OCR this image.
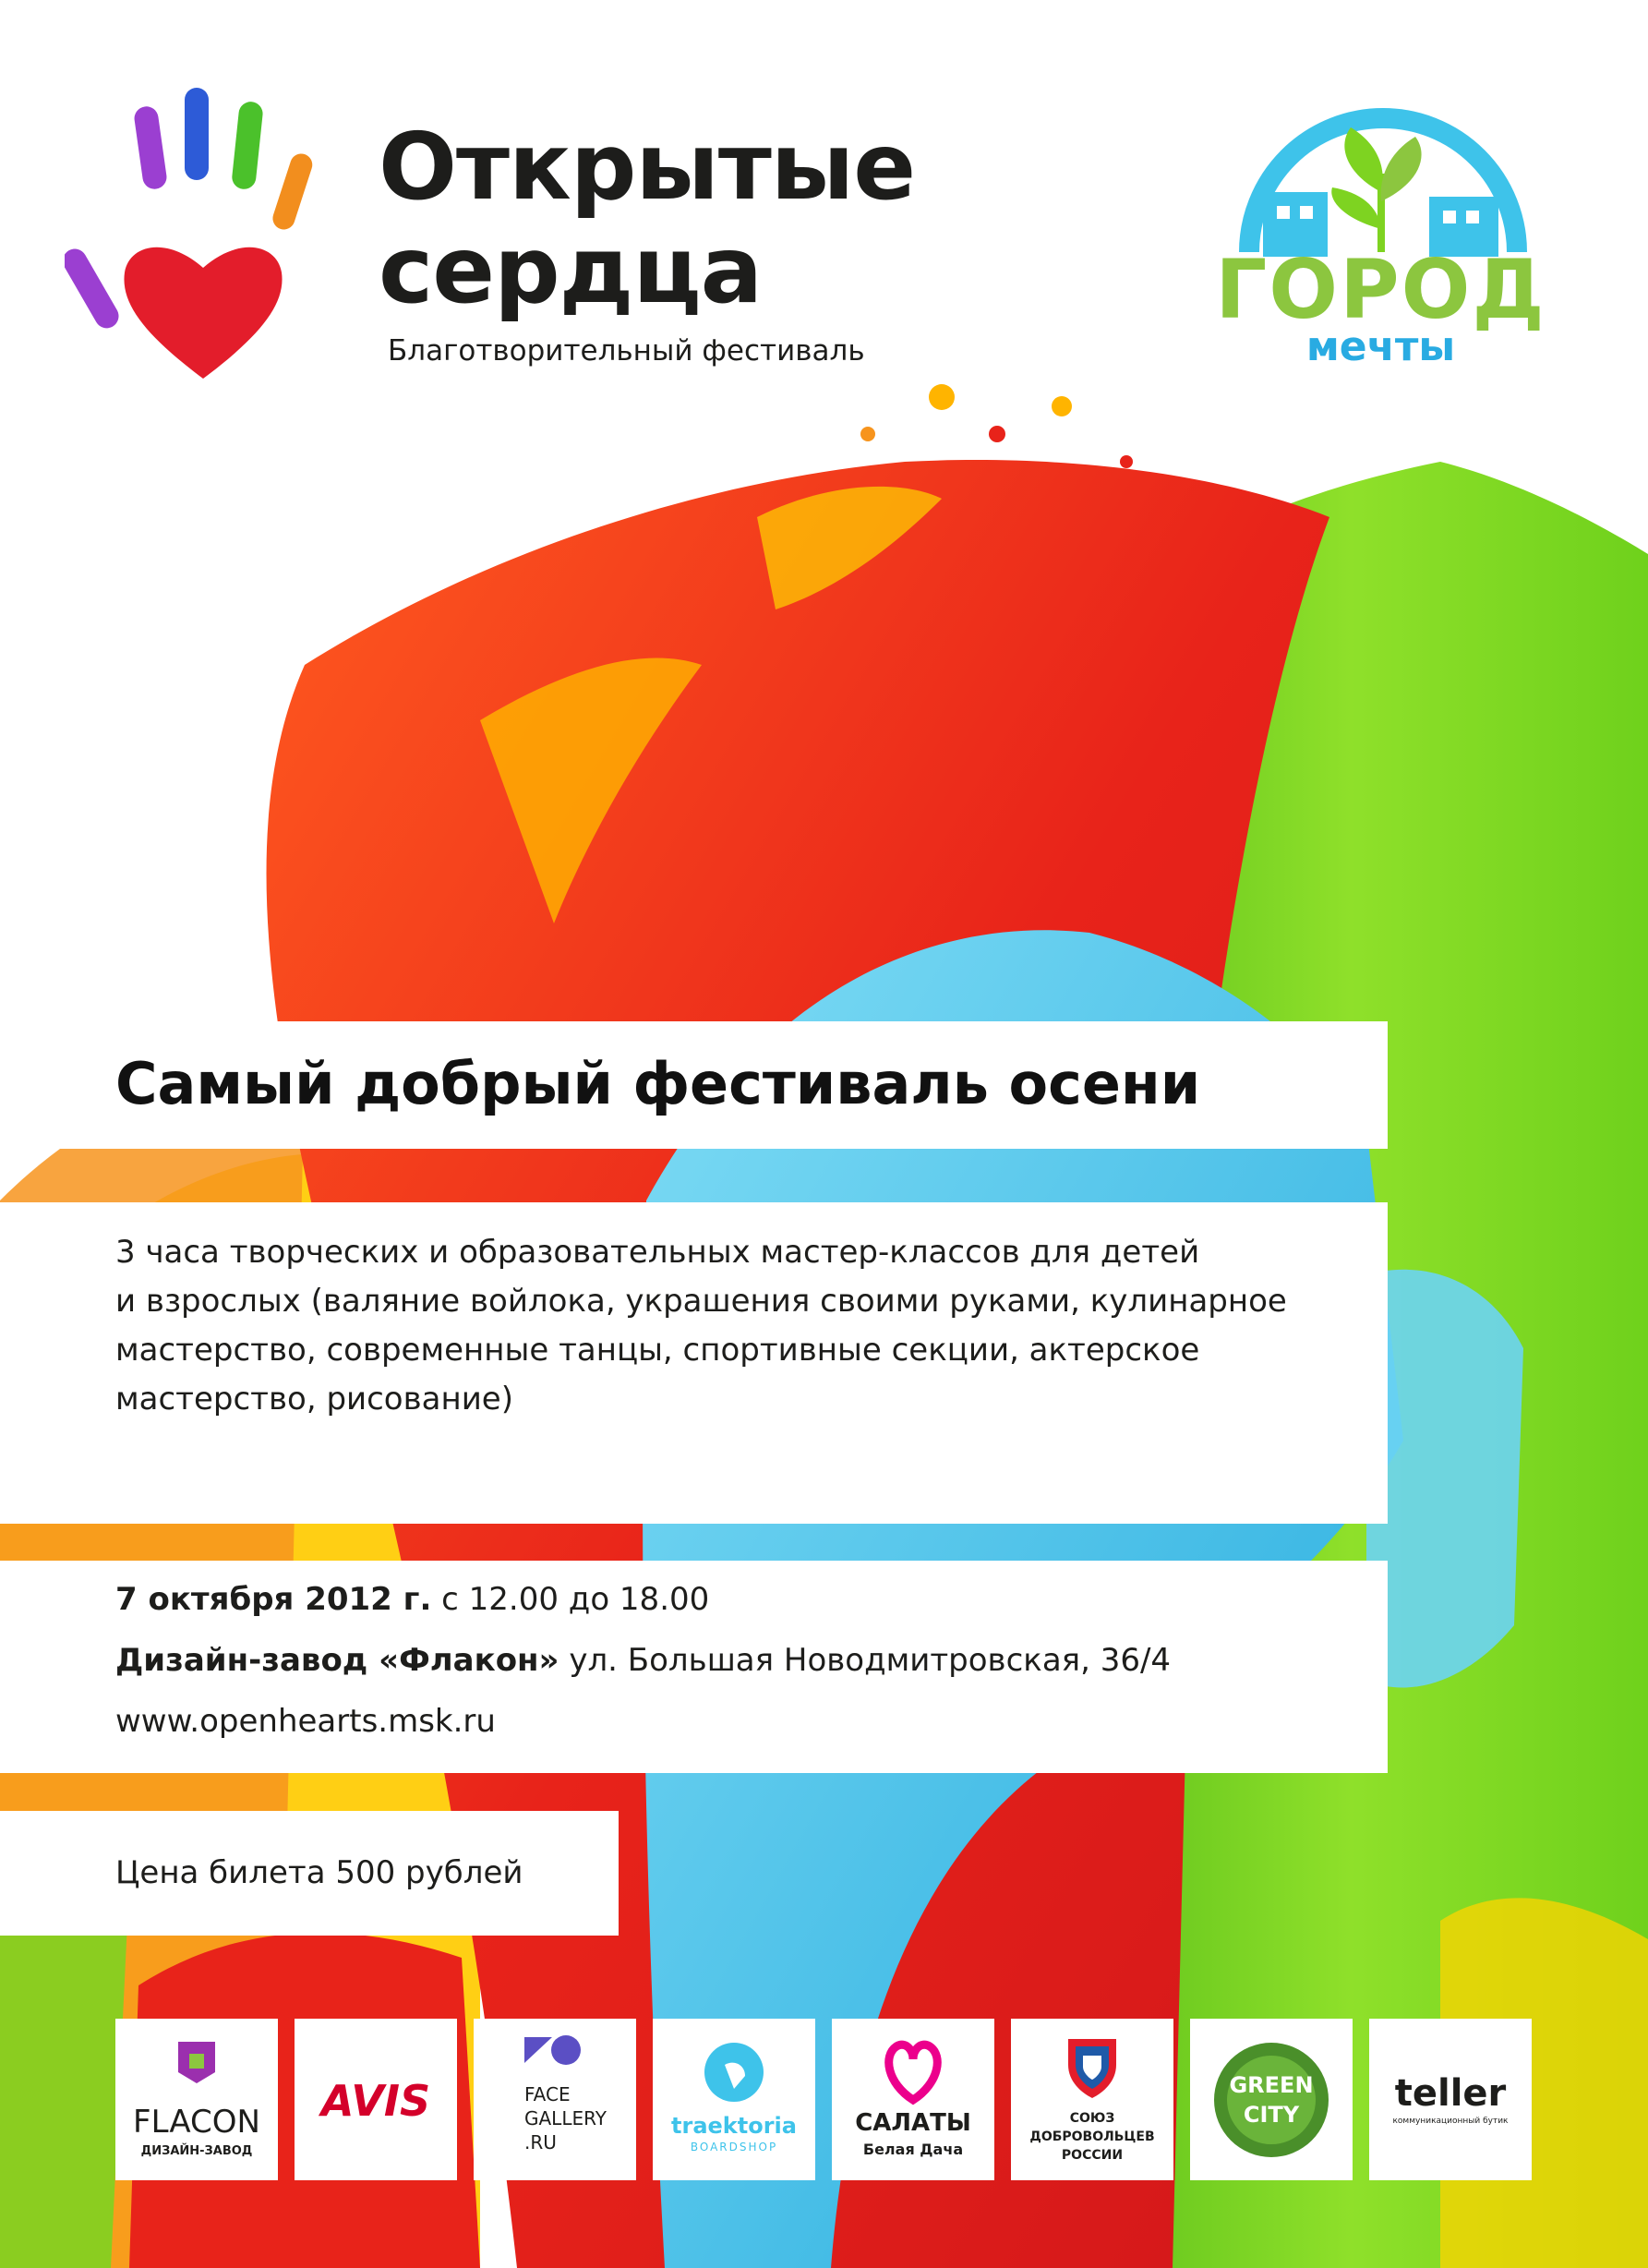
Открытые
сердца
Благотворительный фестиваль
ГОРОД
мечты
Самый добрый фестиваль осени
3 часа творческих и образовательных мастер-классов для детей
и взрослых (валяние войлока, украшения своими руками, кулинарное
мастерство, современные танцы, спортивные секции, актерское
мастерство, рисование)
7 октября 2012 г. с 12.00 до 18.00
Дизайн-завод «Флакон» ул. Большая Новодмитровская, 36/4
www.openhearts.msk.ru
Цена билета 500 рублей
FLACON
ДИЗАЙН-ЗАВОД
AVIS	FACE
GALLERY
.RU
traektoria
BOARDSHOP
САЛАТЫ
Белая Дача
СОЮЗ
ДОБРОВОЛЬЦЕВ
РОССИИ
GREEN
CITY	teller
коммуникационный бутик
